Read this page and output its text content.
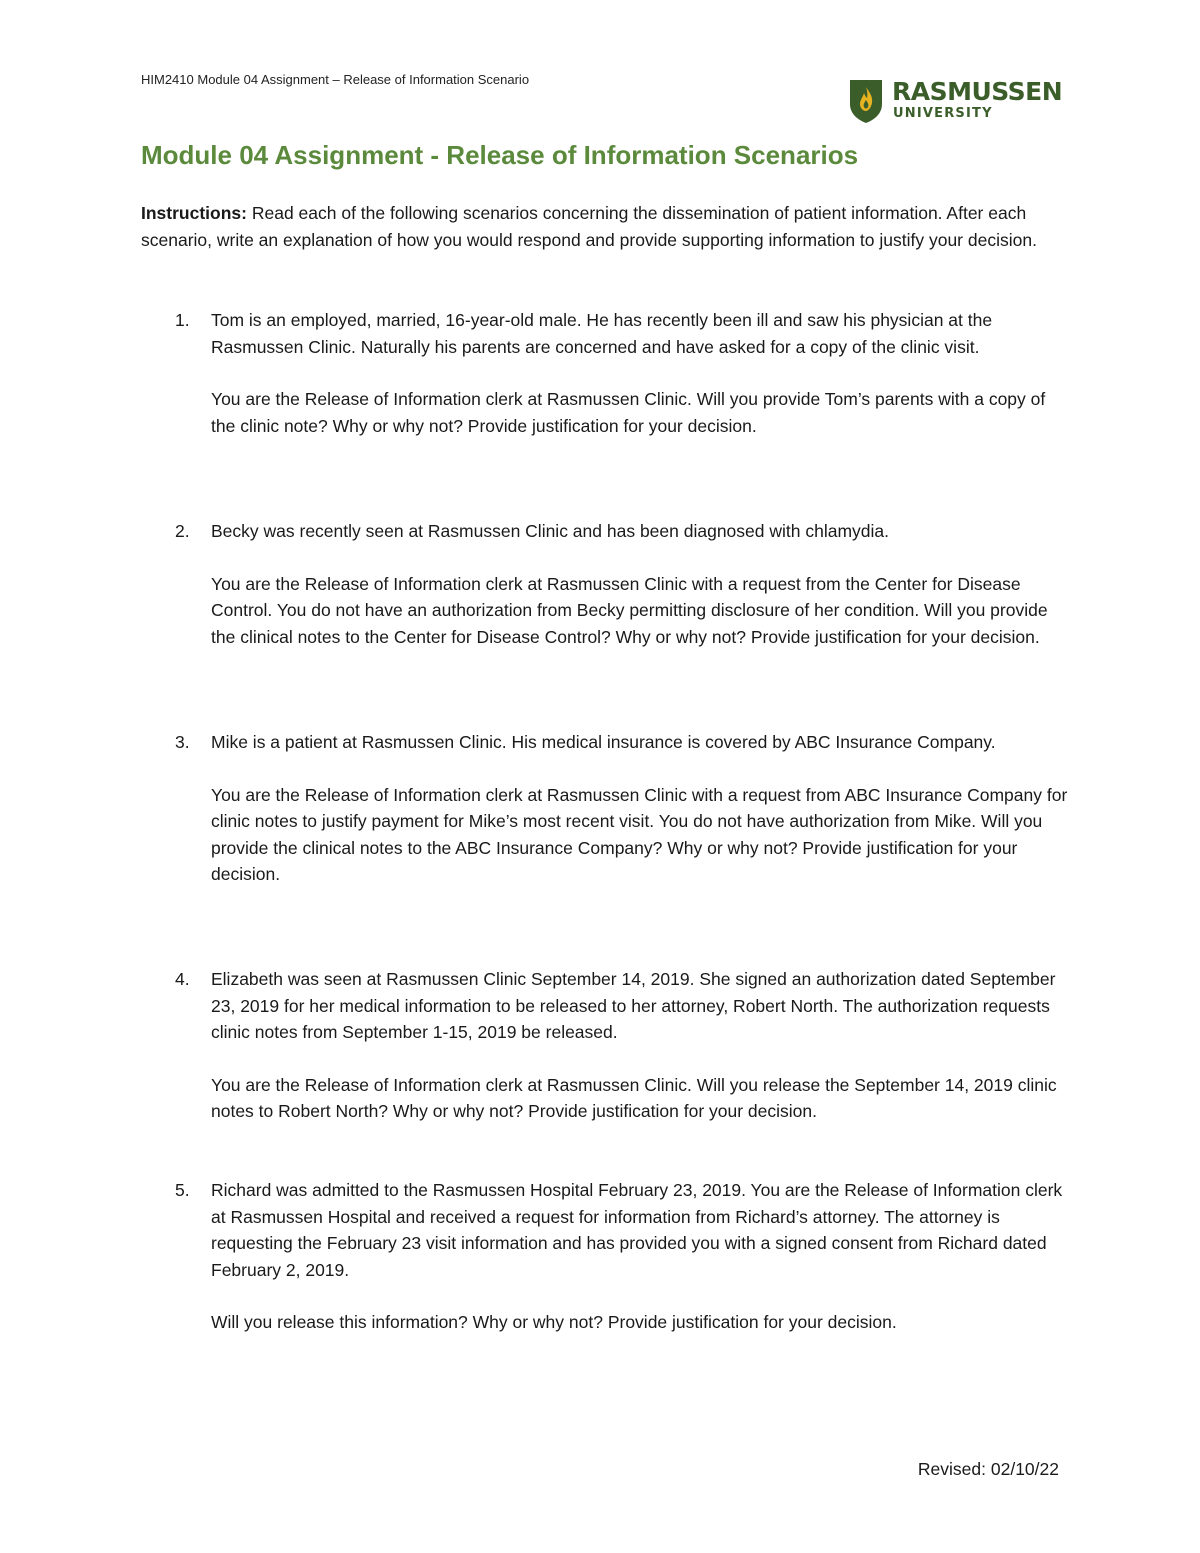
HIM2410 Module 04 Assignment – Release of Information Scenario	RASMUSSEN
UNIVERSITY
Module 04 Assignment - Release of Information Scenarios
Instructions: Read each of the following scenarios concerning the dissemination of patient information. After each scenario, write an explanation of how you would respond and provide supporting information to justify your decision.
1. Tom is an employed, married, 16-year-old male. He has recently been ill and saw his physician at the Rasmussen Clinic. Naturally his parents are concerned and have asked for a copy of the clinic visit.

You are the Release of Information clerk at Rasmussen Clinic. Will you provide Tom’s parents with a copy of the clinic note? Why or why not? Provide justification for your decision.

2. Becky was recently seen at Rasmussen Clinic and has been diagnosed with chlamydia.

You are the Release of Information clerk at Rasmussen Clinic with a request from the Center for Disease Control. You do not have an authorization from Becky permitting disclosure of her condition. Will you provide the clinical notes to the Center for Disease Control? Why or why not? Provide justification for your decision.

3. Mike is a patient at Rasmussen Clinic. His medical insurance is covered by ABC Insurance Company.

You are the Release of Information clerk at Rasmussen Clinic with a request from ABC Insurance Company for clinic notes to justify payment for Mike’s most recent visit. You do not have authorization from Mike. Will you provide the clinical notes to the ABC Insurance Company? Why or why not? Provide justification for your decision.

4. Elizabeth was seen at Rasmussen Clinic September 14, 2019. She signed an authorization dated September 23, 2019 for her medical information to be released to her attorney, Robert North. The authorization requests clinic notes from September 1-15, 2019 be released.

You are the Release of Information clerk at Rasmussen Clinic. Will you release the September 14, 2019 clinic notes to Robert North? Why or why not? Provide justification for your decision.

5. Richard was admitted to the Rasmussen Hospital February 23, 2019. You are the Release of Information clerk at Rasmussen Hospital and received a request for information from Richard’s attorney. The attorney is requesting the February 23 visit information and has provided you with a signed consent from Richard dated February 2, 2019.

Will you release this information? Why or why not? Provide justification for your decision.

Revised: 02/10/22
